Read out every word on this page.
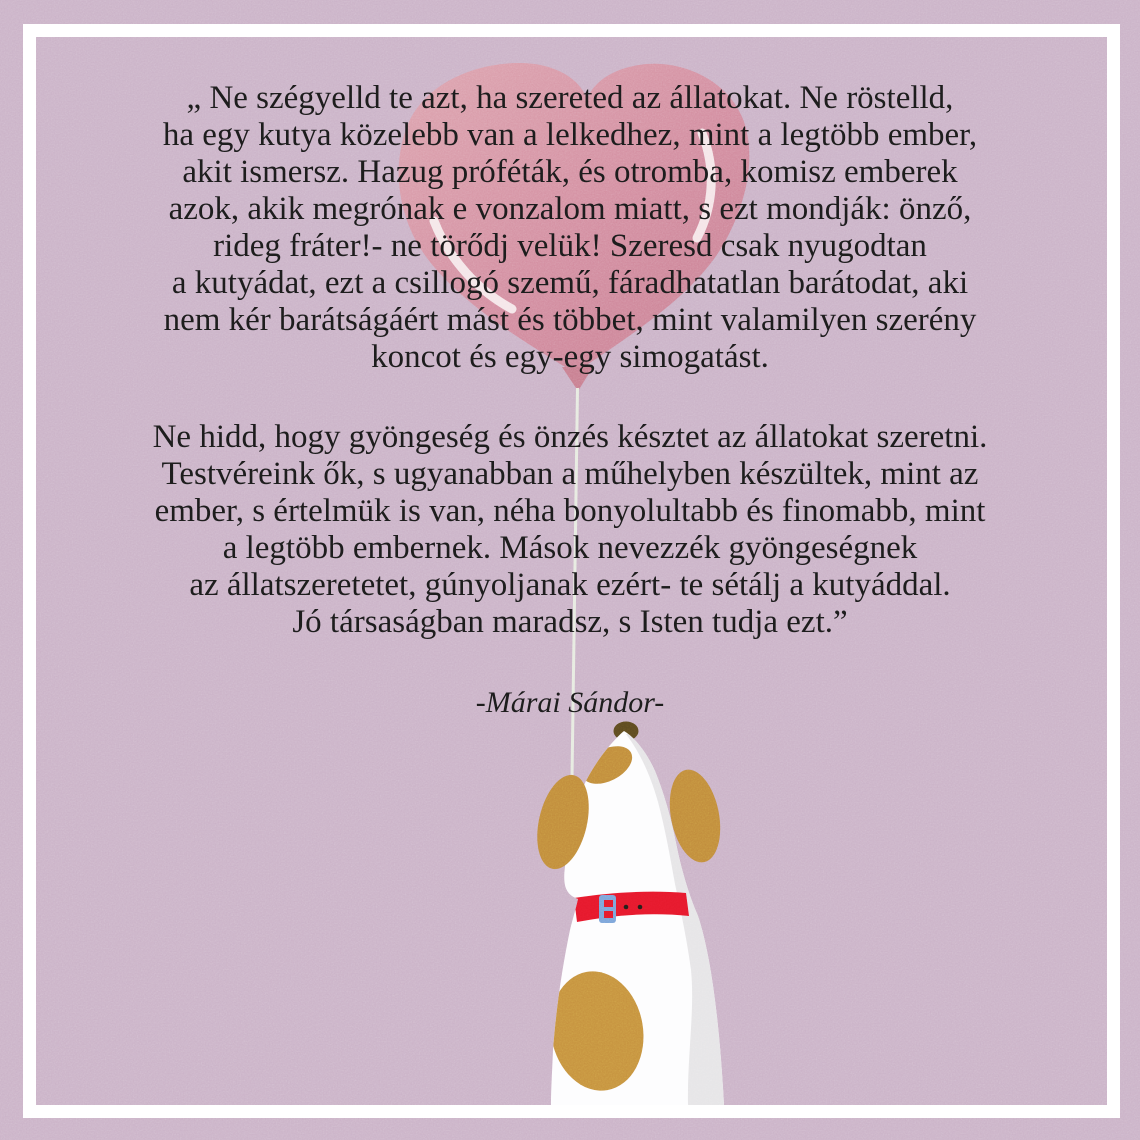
„ Ne szégyelld te azt, ha szereted az állatokat. Ne röstelld,
ha egy kutya közelebb van a lelkedhez, mint a legtöbb ember,
akit ismersz. Hazug próféták, és otromba, komisz emberek
azok, akik megrónak e vonzalom miatt, s ezt mondják: önző,
rideg fráter!- ne törődj velük! Szeresd csak nyugodtan
a kutyádat, ezt a csillogó szemű, fáradhatatlan barátodat, aki
nem kér barátságáért mást és többet, mint valamilyen szerény
koncot és egy-egy simogatást.
Ne hidd, hogy gyöngeség és önzés késztet az állatokat szeretni.
Testvéreink ők, s ugyanabban a műhelyben készültek, mint az
ember, s értelmük is van, néha bonyolultabb és finomabb, mint
a legtöbb embernek. Mások nevezzék gyöngeségnek
az állatszeretetet, gúnyoljanak ezért- te sétálj a kutyáddal.
Jó társaságban maradsz, s Isten tudja ezt.”
-Márai Sándor-
